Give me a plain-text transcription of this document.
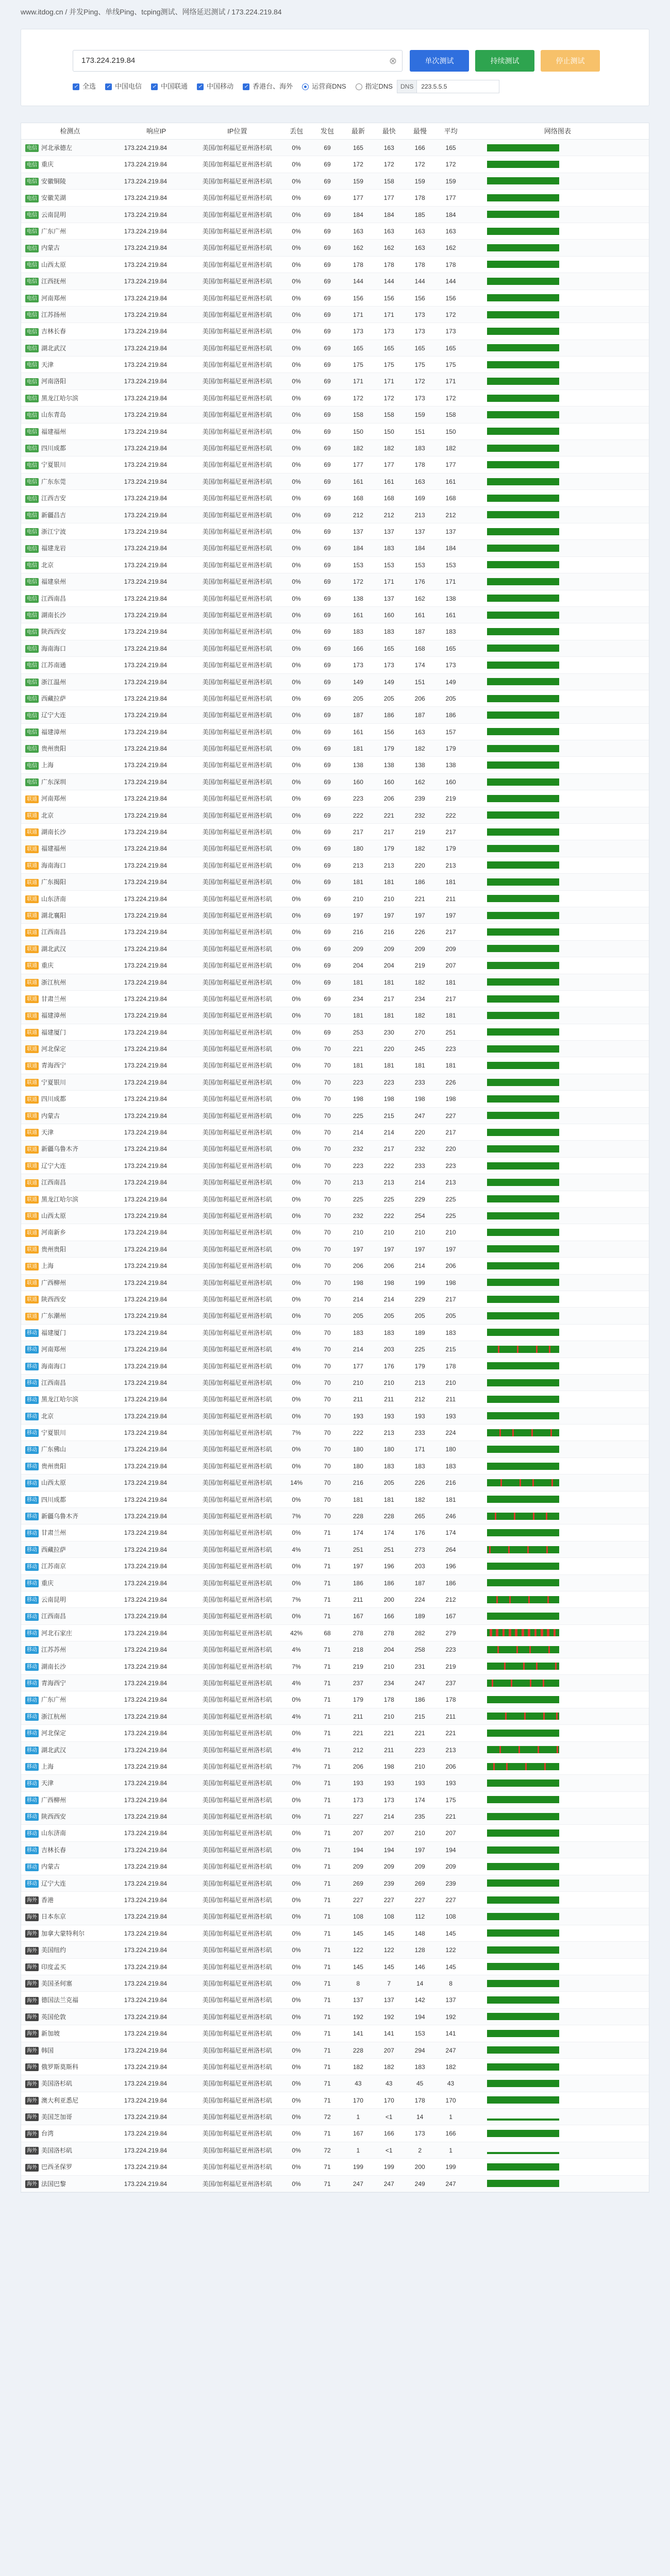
www.itdog.cn / 并发Ping、单线Ping、tcping测试、网络延迟测试 / 173.224.219.84
173.224.219.84	⊗	单次测试	持续测试	停止测试
✓
全选 ✓	中国电信 ✓	中国联通 ✓	中国移动 ✓	香港台、海外	运营商DNS	指定DNS	DNS	223.5.5.5
检测点	响应IP	IP位置	丢包	发包	最新	最快	最慢	平均	网络图表
电信 河北承德左	173.224.219.84	美国/加利福尼亚州洛杉矶	0%	69	165	163	166	165
电信 重庆	173.224.219.84	美国/加利福尼亚州洛杉矶	0%	69	172	172	172	172
电信 安徽铜陵	173.224.219.84	美国/加利福尼亚州洛杉矶	0%	69	159	158	159	159
电信 安徽芜湖	173.224.219.84	美国/加利福尼亚州洛杉矶	0%	69	177	177	178	177
电信 云南昆明	173.224.219.84	美国/加利福尼亚州洛杉矶	0%	69	184	184	185	184
电信 广东广州	173.224.219.84	美国/加利福尼亚州洛杉矶	0%	69	163	163	163	163
电信 内蒙古	173.224.219.84	美国/加利福尼亚州洛杉矶	0%	69	162	162	163	162
电信 山西太原	173.224.219.84	美国/加利福尼亚州洛杉矶	0%	69	178	178	178	178
电信 江西抚州	173.224.219.84	美国/加利福尼亚州洛杉矶	0%	69	144	144	144	144
电信 河南郑州	173.224.219.84	美国/加利福尼亚州洛杉矶	0%	69	156	156	156	156
电信 江苏扬州	173.224.219.84	美国/加利福尼亚州洛杉矶	0%	69	171	171	173	172
电信 吉林长春	173.224.219.84	美国/加利福尼亚州洛杉矶	0%	69	173	173	173	173
电信 湖北武汉	173.224.219.84	美国/加利福尼亚州洛杉矶	0%	69	165	165	165	165
电信 天津	173.224.219.84	美国/加利福尼亚州洛杉矶	0%	69	175	175	175	175
电信 河南洛阳	173.224.219.84	美国/加利福尼亚州洛杉矶	0%	69	171	171	172	171
电信 黑龙江哈尔滨	173.224.219.84	美国/加利福尼亚州洛杉矶	0%	69	172	172	173	172
电信 山东青岛	173.224.219.84	美国/加利福尼亚州洛杉矶	0%	69	158	158	159	158
电信 福建福州	173.224.219.84	美国/加利福尼亚州洛杉矶	0%	69	150	150	151	150
电信 四川成都	173.224.219.84	美国/加利福尼亚州洛杉矶	0%	69	182	182	183	182
电信 宁夏银川	173.224.219.84	美国/加利福尼亚州洛杉矶	0%	69	177	177	178	177
电信 广东东莞	173.224.219.84	美国/加利福尼亚州洛杉矶	0%	69	161	161	163	161
电信 江西吉安	173.224.219.84	美国/加利福尼亚州洛杉矶	0%	69	168	168	169	168
电信 新疆昌吉	173.224.219.84	美国/加利福尼亚州洛杉矶	0%	69	212	212	213	212
电信 浙江宁波	173.224.219.84	美国/加利福尼亚州洛杉矶	0%	69	137	137	137	137
电信 福建龙岩	173.224.219.84	美国/加利福尼亚州洛杉矶	0%	69	184	183	184	184
电信 北京	173.224.219.84	美国/加利福尼亚州洛杉矶	0%	69	153	153	153	153
电信 福建泉州	173.224.219.84	美国/加利福尼亚州洛杉矶	0%	69	172	171	176	171
电信 江西南昌	173.224.219.84	美国/加利福尼亚州洛杉矶	0%	69	138	137	162	138
电信 湖南长沙	173.224.219.84	美国/加利福尼亚州洛杉矶	0%	69	161	160	161	161
电信 陕西西安	173.224.219.84	美国/加利福尼亚州洛杉矶	0%	69	183	183	187	183
电信 海南海口	173.224.219.84	美国/加利福尼亚州洛杉矶	0%	69	166	165	168	165
电信 江苏南通	173.224.219.84	美国/加利福尼亚州洛杉矶	0%	69	173	173	174	173
电信 浙江温州	173.224.219.84	美国/加利福尼亚州洛杉矶	0%	69	149	149	151	149
电信 西藏拉萨	173.224.219.84	美国/加利福尼亚州洛杉矶	0%	69	205	205	206	205
电信 辽宁大连	173.224.219.84	美国/加利福尼亚州洛杉矶	0%	69	187	186	187	186
电信 福建漳州	173.224.219.84	美国/加利福尼亚州洛杉矶	0%	69	161	156	163	157
电信 贵州贵阳	173.224.219.84	美国/加利福尼亚州洛杉矶	0%	69	181	179	182	179
电信 上海	173.224.219.84	美国/加利福尼亚州洛杉矶	0%	69	138	138	138	138
电信 广东深圳	173.224.219.84	美国/加利福尼亚州洛杉矶	0%	69	160	160	162	160
联通 河南郑州	173.224.219.84	美国/加利福尼亚州洛杉矶	0%	69	223	206	239	219
联通 北京	173.224.219.84	美国/加利福尼亚州洛杉矶	0%	69	222	221	232	222
联通 湖南长沙	173.224.219.84	美国/加利福尼亚州洛杉矶	0%	69	217	217	219	217
联通 福建福州	173.224.219.84	美国/加利福尼亚州洛杉矶	0%	69	180	179	182	179
联通 海南海口	173.224.219.84	美国/加利福尼亚州洛杉矶	0%	69	213	213	220	213
联通 广东揭阳	173.224.219.84	美国/加利福尼亚州洛杉矶	0%	69	181	181	186	181
联通 山东济南	173.224.219.84	美国/加利福尼亚州洛杉矶	0%	69	210	210	221	211
联通 湖北襄阳	173.224.219.84	美国/加利福尼亚州洛杉矶	0%	69	197	197	197	197
联通 江西南昌	173.224.219.84	美国/加利福尼亚州洛杉矶	0%	69	216	216	226	217
联通 湖北武汉	173.224.219.84	美国/加利福尼亚州洛杉矶	0%	69	209	209	209	209
联通 重庆	173.224.219.84	美国/加利福尼亚州洛杉矶	0%	69	204	204	219	207
联通 浙江杭州	173.224.219.84	美国/加利福尼亚州洛杉矶	0%	69	181	181	182	181
联通 甘肃兰州	173.224.219.84	美国/加利福尼亚州洛杉矶	0%	69	234	217	234	217
联通 福建漳州	173.224.219.84	美国/加利福尼亚州洛杉矶	0%	70	181	181	182	181
联通 福建厦门	173.224.219.84	美国/加利福尼亚州洛杉矶	0%	69	253	230	270	251
联通 河北保定	173.224.219.84	美国/加利福尼亚州洛杉矶	0%	70	221	220	245	223
联通 青海西宁	173.224.219.84	美国/加利福尼亚州洛杉矶	0%	70	181	181	181	181
联通 宁夏银川	173.224.219.84	美国/加利福尼亚州洛杉矶	0%	70	223	223	233	226
联通 四川成都	173.224.219.84	美国/加利福尼亚州洛杉矶	0%	70	198	198	198	198
联通 内蒙古	173.224.219.84	美国/加利福尼亚州洛杉矶	0%	70	225	215	247	227
联通 天津	173.224.219.84	美国/加利福尼亚州洛杉矶	0%	70	214	214	220	217
联通 新疆乌鲁木齐	173.224.219.84	美国/加利福尼亚州洛杉矶	0%	70	232	217	232	220
联通 辽宁大连	173.224.219.84	美国/加利福尼亚州洛杉矶	0%	70	223	222	233	223
联通 江西南昌	173.224.219.84	美国/加利福尼亚州洛杉矶	0%	70	213	213	214	213
联通 黑龙江哈尔滨	173.224.219.84	美国/加利福尼亚州洛杉矶	0%	70	225	225	229	225
联通 山西太原	173.224.219.84	美国/加利福尼亚州洛杉矶	0%	70	232	222	254	225
联通 河南新乡	173.224.219.84	美国/加利福尼亚州洛杉矶	0%	70	210	210	210	210
联通 贵州贵阳	173.224.219.84	美国/加利福尼亚州洛杉矶	0%	70	197	197	197	197
联通 上海	173.224.219.84	美国/加利福尼亚州洛杉矶	0%	70	206	206	214	206
联通 广西柳州	173.224.219.84	美国/加利福尼亚州洛杉矶	0%	70	198	198	199	198
联通 陕西西安	173.224.219.84	美国/加利福尼亚州洛杉矶	0%	70	214	214	229	217
联通 广东潮州	173.224.219.84	美国/加利福尼亚州洛杉矶	0%	70	205	205	205	205
移动 福建厦门	173.224.219.84	美国/加利福尼亚州洛杉矶	0%	70	183	183	189	183
移动 河南郑州	173.224.219.84	美国/加利福尼亚州洛杉矶	4%	70	214	203	225	215
移动 海南海口	173.224.219.84	美国/加利福尼亚州洛杉矶	0%	70	177	176	179	178
移动 江西南昌	173.224.219.84	美国/加利福尼亚州洛杉矶	0%	70	210	210	213	210
移动 黑龙江哈尔滨	173.224.219.84	美国/加利福尼亚州洛杉矶	0%	70	211	211	212	211
移动 北京	173.224.219.84	美国/加利福尼亚州洛杉矶	0%	70	193	193	193	193
移动 宁夏银川	173.224.219.84	美国/加利福尼亚州洛杉矶	7%	70	222	213	233	224
移动 广东佛山	173.224.219.84	美国/加利福尼亚州洛杉矶	0%	70	180	180	171	180
移动 贵州贵阳	173.224.219.84	美国/加利福尼亚州洛杉矶	0%	70	180	183	183	183
移动 山西太原	173.224.219.84	美国/加利福尼亚州洛杉矶	14%	70	216	205	226	216
移动 四川成都	173.224.219.84	美国/加利福尼亚州洛杉矶	0%	70	181	181	182	181
移动 新疆乌鲁木齐	173.224.219.84	美国/加利福尼亚州洛杉矶	7%	70	228	228	265	246
移动 甘肃兰州	173.224.219.84	美国/加利福尼亚州洛杉矶	0%	71	174	174	176	174
移动 西藏拉萨	173.224.219.84	美国/加利福尼亚州洛杉矶	4%	71	251	251	273	264
移动 江苏南京	173.224.219.84	美国/加利福尼亚州洛杉矶	0%	71	197	196	203	196
移动 重庆	173.224.219.84	美国/加利福尼亚州洛杉矶	0%	71	186	186	187	186
移动 云南昆明	173.224.219.84	美国/加利福尼亚州洛杉矶	7%	71	211	200	224	212
移动 江西南昌	173.224.219.84	美国/加利福尼亚州洛杉矶	0%	71	167	166	189	167
移动 河北石家庄	173.224.219.84	美国/加利福尼亚州洛杉矶	42%	68	278	278	282	279
移动 江苏苏州	173.224.219.84	美国/加利福尼亚州洛杉矶	4%	71	218	204	258	223
移动 湖南长沙	173.224.219.84	美国/加利福尼亚州洛杉矶	7%	71	219	210	231	219
移动 青海西宁	173.224.219.84	美国/加利福尼亚州洛杉矶	4%	71	237	234	247	237
移动 广东广州	173.224.219.84	美国/加利福尼亚州洛杉矶	0%	71	179	178	186	178
移动 浙江杭州	173.224.219.84	美国/加利福尼亚州洛杉矶	4%	71	211	210	215	211
移动 河北保定	173.224.219.84	美国/加利福尼亚州洛杉矶	0%	71	221	221	221	221
移动 湖北武汉	173.224.219.84	美国/加利福尼亚州洛杉矶	4%	71	212	211	223	213
移动 上海	173.224.219.84	美国/加利福尼亚州洛杉矶	7%	71	206	198	210	206
移动 天津	173.224.219.84	美国/加利福尼亚州洛杉矶	0%	71	193	193	193	193
移动 广西柳州	173.224.219.84	美国/加利福尼亚州洛杉矶	0%	71	173	173	174	175
移动 陕西西安	173.224.219.84	美国/加利福尼亚州洛杉矶	0%	71	227	214	235	221
移动 山东济南	173.224.219.84	美国/加利福尼亚州洛杉矶	0%	71	207	207	210	207
移动 吉林长春	173.224.219.84	美国/加利福尼亚州洛杉矶	0%	71	194	194	197	194
移动 内蒙古	173.224.219.84	美国/加利福尼亚州洛杉矶	0%	71	209	209	209	209
移动 辽宁大连	173.224.219.84	美国/加利福尼亚州洛杉矶	0%	71	269	239	269	239
海外 香港	173.224.219.84	美国/加利福尼亚州洛杉矶	0%	71	227	227	227	227
海外 日本东京	173.224.219.84	美国/加利福尼亚州洛杉矶	0%	71	108	108	112	108
海外 加拿大蒙特利尔	173.224.219.84	美国/加利福尼亚州洛杉矶	0%	71	145	145	148	145
海外 美国纽约	173.224.219.84	美国/加利福尼亚州洛杉矶	0%	71	122	122	128	122
海外 印度孟买	173.224.219.84	美国/加利福尼亚州洛杉矶	0%	71	145	145	146	145
海外 美国圣何塞	173.224.219.84	美国/加利福尼亚州洛杉矶	0%	71	8	7	14	8
海外 德国法兰克福	173.224.219.84	美国/加利福尼亚州洛杉矶	0%	71	137	137	142	137
海外 英国伦敦	173.224.219.84	美国/加利福尼亚州洛杉矶	0%	71	192	192	194	192
海外 新加坡	173.224.219.84	美国/加利福尼亚州洛杉矶	0%	71	141	141	153	141
海外 韩国	173.224.219.84	美国/加利福尼亚州洛杉矶	0%	71	228	207	294	247
海外 俄罗斯莫斯科	173.224.219.84	美国/加利福尼亚州洛杉矶	0%	71	182	182	183	182
海外 美国洛杉矶	173.224.219.84	美国/加利福尼亚州洛杉矶	0%	71	43	43	45	43
海外 澳大利亚悉尼	173.224.219.84	美国/加利福尼亚州洛杉矶	0%	71	170	170	178	170
海外 美国芝加哥	173.224.219.84	美国/加利福尼亚州洛杉矶	0%	72	1	<1	14	1
海外 台湾	173.224.219.84	美国/加利福尼亚州洛杉矶	0%	71	167	166	173	166
海外 美国洛杉矶	173.224.219.84	美国/加利福尼亚州洛杉矶	0%	72	1	<1	2	1
海外 巴西圣保罗	173.224.219.84	美国/加利福尼亚州洛杉矶	0%	71	199	199	200	199
海外 法国巴黎	173.224.219.84	美国/加利福尼亚州洛杉矶	0%	71	247	247	249	247
